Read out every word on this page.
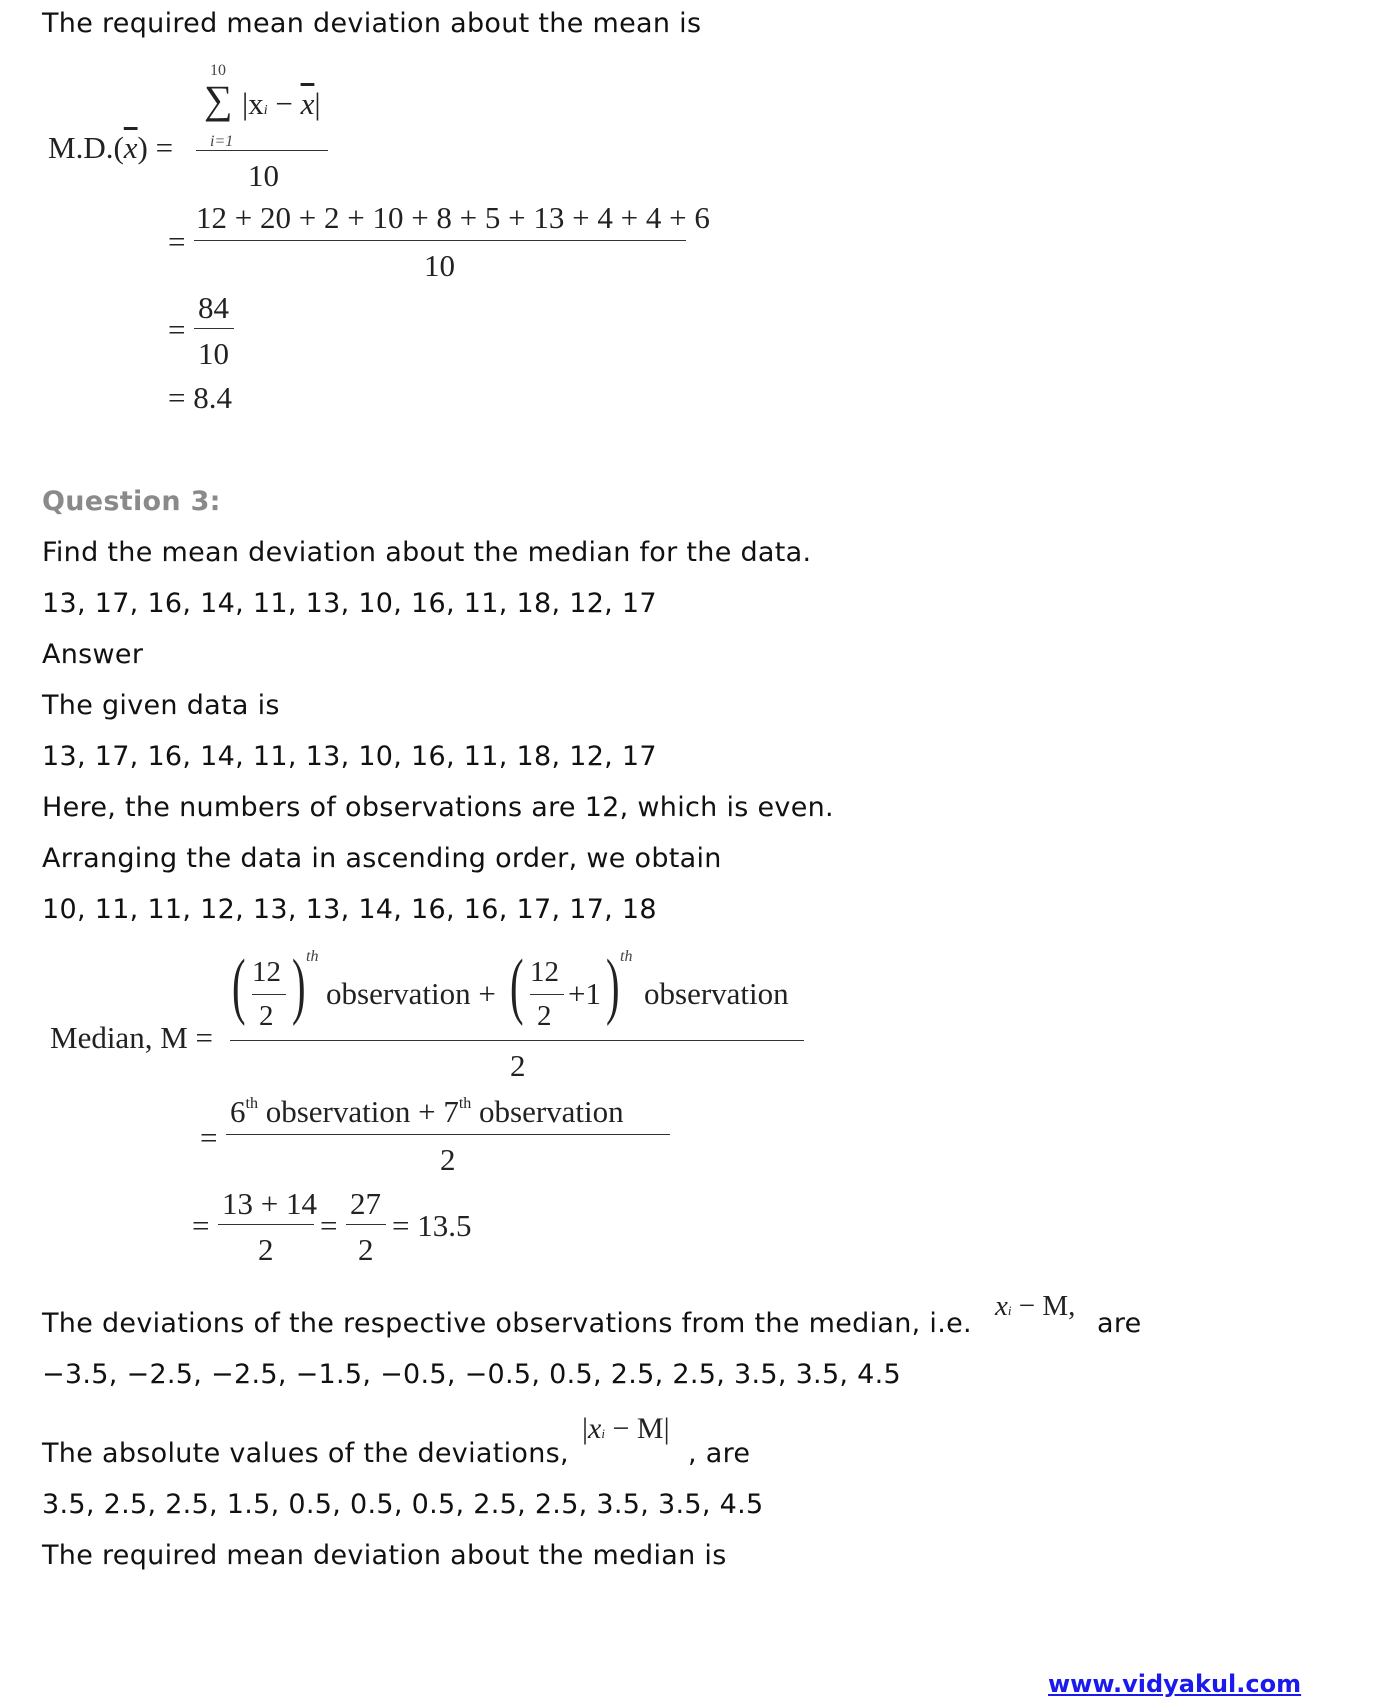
The required mean deviation about the mean is
10
∑ $|xi - \overline{x}|$
i=1
$M.D.(\overline{x})$ =
10
=
12 + 20 + 2 + 10 + 8 + 5 + 13 + 4 + 4 + 6
10
=
84
10
= 8.4
Question 3:
Find the mean deviation about the median for the data.
13, 17, 16, 14, 11, 13, 10, 16, 11, 18, 12, 17
Answer
The given data is
13, 17, 16, 14, 11, 13, 10, 16, 11, 18, 12, 17
Here, the numbers of observations are 12, which is even.
Arranging the data in ascending order, we obtain
10, 11, 11, 12, 13, 13, 14, 16, 16, 17, 17, 18
( 12
2 ) th
observation + ( 12
2
+1 ) th
observation
Median, M =
2
=
6th observation + 7th observation
2
=
13 + 14
2
=
27
2
= 13.5
The deviations of the respective observations from the median, i.e.
xi − M,
are
−3.5, −2.5, −2.5, −1.5, −0.5, −0.5, 0.5, 2.5, 2.5, 3.5, 3.5, 4.5
The absolute values of the deviations,
|xi − M|
, are
3.5, 2.5, 2.5, 1.5, 0.5, 0.5, 0.5, 2.5, 2.5, 3.5, 3.5, 4.5
The required mean deviation about the median is
www.vidyakul.com
